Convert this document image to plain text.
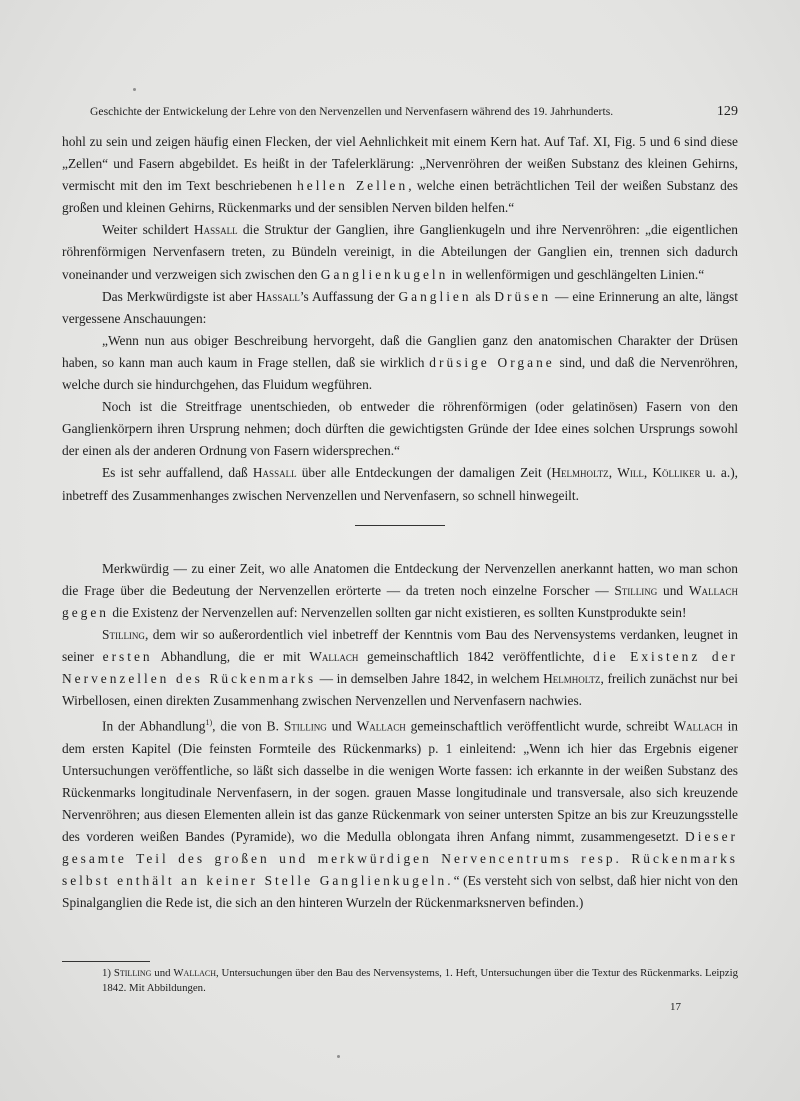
Geschichte der Entwickelung der Lehre von den Nervenzellen und Nervenfasern während des 19. Jahrhunderts.	129

hohl zu sein und zeigen häufig einen Flecken, der viel Aehnlichkeit mit einem Kern hat. Auf Taf. XI, Fig. 5 und 6 sind diese „Zellen“ und Fasern abgebildet. Es heißt in der Tafelerklärung: „Nervenröhren der weißen Substanz des kleinen Gehirns, vermischt mit den im Text beschriebenen hellen Zellen, welche einen beträchtlichen Teil der weißen Substanz des großen und kleinen Gehirns, Rückenmarks und der sensiblen Nerven bilden helfen.“

Weiter schildert Hassall die Struktur der Ganglien, ihre Ganglienkugeln und ihre Nervenröhren: „die eigentlichen röhrenförmigen Nervenfasern treten, zu Bündeln vereinigt, in die Abteilungen der Ganglien ein, trennen sich dadurch voneinander und verzweigen sich zwischen den Ganglienkugeln in wellenförmigen und geschlängelten Linien.“

Das Merkwürdigste ist aber Hassall’s Auffassung der Ganglien als Drüsen — eine Erinnerung an alte, längst vergessene Anschauungen:

„Wenn nun aus obiger Beschreibung hervorgeht, daß die Ganglien ganz den anatomischen Charakter der Drüsen haben, so kann man auch kaum in Frage stellen, daß sie wirklich drüsige Organe sind, und daß die Nervenröhren, welche durch sie hindurchgehen, das Fluidum wegführen.

Noch ist die Streitfrage unentschieden, ob entweder die röhrenförmigen (oder gelatinösen) Fasern von den Ganglienkörpern ihren Ursprung nehmen; doch dürften die gewichtigsten Gründe der Idee eines solchen Ursprungs sowohl der einen als der anderen Ordnung von Fasern widersprechen.“

Es ist sehr auffallend, daß Hassall über alle Entdeckungen der damaligen Zeit (Helmholtz, Will, Kölliker u. a.), inbetreff des Zusammenhanges zwischen Nervenzellen und Nervenfasern, so schnell hinwegeilt.

Merkwürdig — zu einer Zeit, wo alle Anatomen die Entdeckung der Nervenzellen anerkannt hatten, wo man schon die Frage über die Bedeutung der Nervenzellen erörterte — da treten noch einzelne Forscher — Stilling und Wallach gegen die Existenz der Nervenzellen auf: Nervenzellen sollten gar nicht existieren, es sollten Kunstprodukte sein!

Stilling, dem wir so außerordentlich viel inbetreff der Kenntnis vom Bau des Nervensystems verdanken, leugnet in seiner ersten Abhandlung, die er mit Wallach gemeinschaftlich 1842 veröffentlichte, die Existenz der Nervenzellen des Rückenmarks — in demselben Jahre 1842, in welchem Helmholtz, freilich zunächst nur bei Wirbellosen, einen direkten Zusammenhang zwischen Nervenzellen und Nervenfasern nachwies.

In der Abhandlung$^{1)}$, die von B. Stilling und Wallach gemeinschaftlich veröffentlicht wurde, schreibt Wallach in dem ersten Kapitel (Die feinsten Formteile des Rückenmarks) p. 1 einleitend: „Wenn ich hier das Ergebnis eigener Untersuchungen veröffentliche, so läßt sich dasselbe in die wenigen Worte fassen: ich erkannte in der weißen Substanz des Rückenmarks longitudinale Nervenfasern, in der sogen. grauen Masse longitudinale und transversale, also sich kreuzende Nervenröhren; aus diesen Elementen allein ist das ganze Rückenmark von seiner untersten Spitze an bis zur Kreuzungsstelle des vorderen weißen Bandes (Pyramide), wo die Medulla oblongata ihren Anfang nimmt, zusammengesetzt. Dieser gesamte Teil des großen und merkwürdigen Nervencentrums resp. Rückenmarks selbst enthält an keiner Stelle Ganglienkugeln.“ (Es versteht sich von selbst, daß hier nicht von den Spinalganglien die Rede ist, die sich an den hinteren Wurzeln der Rückenmarksnerven befinden.)

1) Stilling und Wallach, Untersuchungen über den Bau des Nervensystems, 1. Heft, Untersuchungen über die Textur des Rückenmarks. Leipzig 1842. Mit Abbildungen.
17
